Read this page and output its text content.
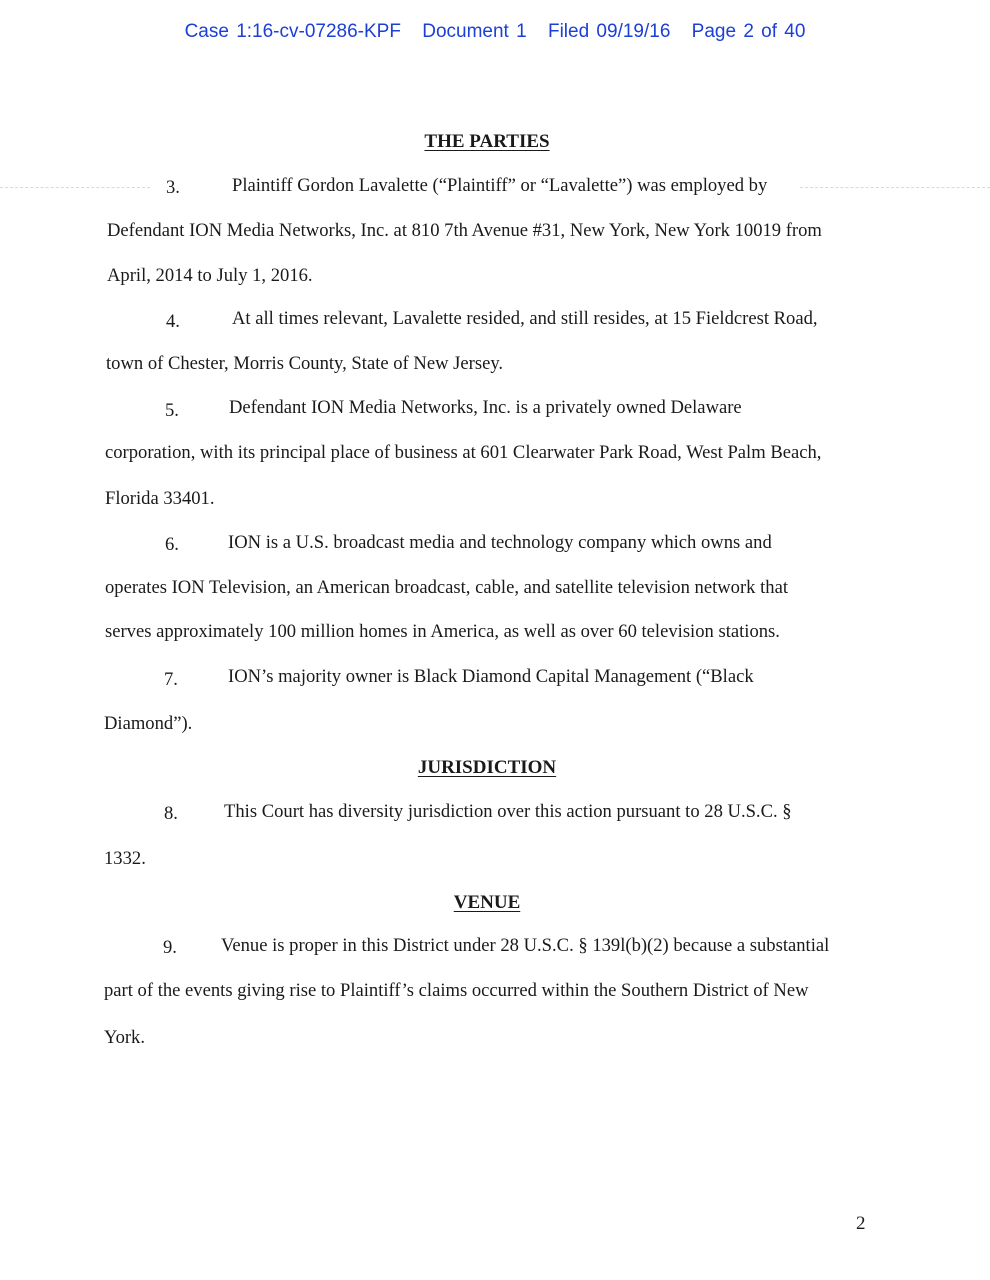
Case 1:16-cv-07286-KPF Document 1 Filed 09/19/16 Page 2 of 40
THE PARTIES
3.	Plaintiff Gordon Lavalette (“Plaintiff” or “Lavalette”) was employed by
Defendant ION Media Networks, Inc. at 810 7th Avenue #31, New York, New York 10019 from
April, 2014 to July 1, 2016.
4.	At all times relevant, Lavalette resided, and still resides, at 15 Fieldcrest Road,
town of Chester, Morris County, State of New Jersey.
5.	Defendant ION Media Networks, Inc. is a privately owned Delaware
corporation, with its principal place of business at 601 Clearwater Park Road, West Palm Beach,
Florida 33401.
6.	ION is a U.S. broadcast media and technology company which owns and
operates ION Television, an American broadcast, cable, and satellite television network that
serves approximately 100 million homes in America, as well as over 60 television stations.
7.	ION’s majority owner is Black Diamond Capital Management (“Black
Diamond”).
JURISDICTION
8. This Court has diversity jurisdiction over this action pursuant to 28 U.S.C. §
1332.
VENUE
9. Venue is proper in this District under 28 U.S.C. § 139l(b)(2) because a substantial
part of the events giving rise to Plaintiff’s claims occurred within the Southern District of New
York.
2
